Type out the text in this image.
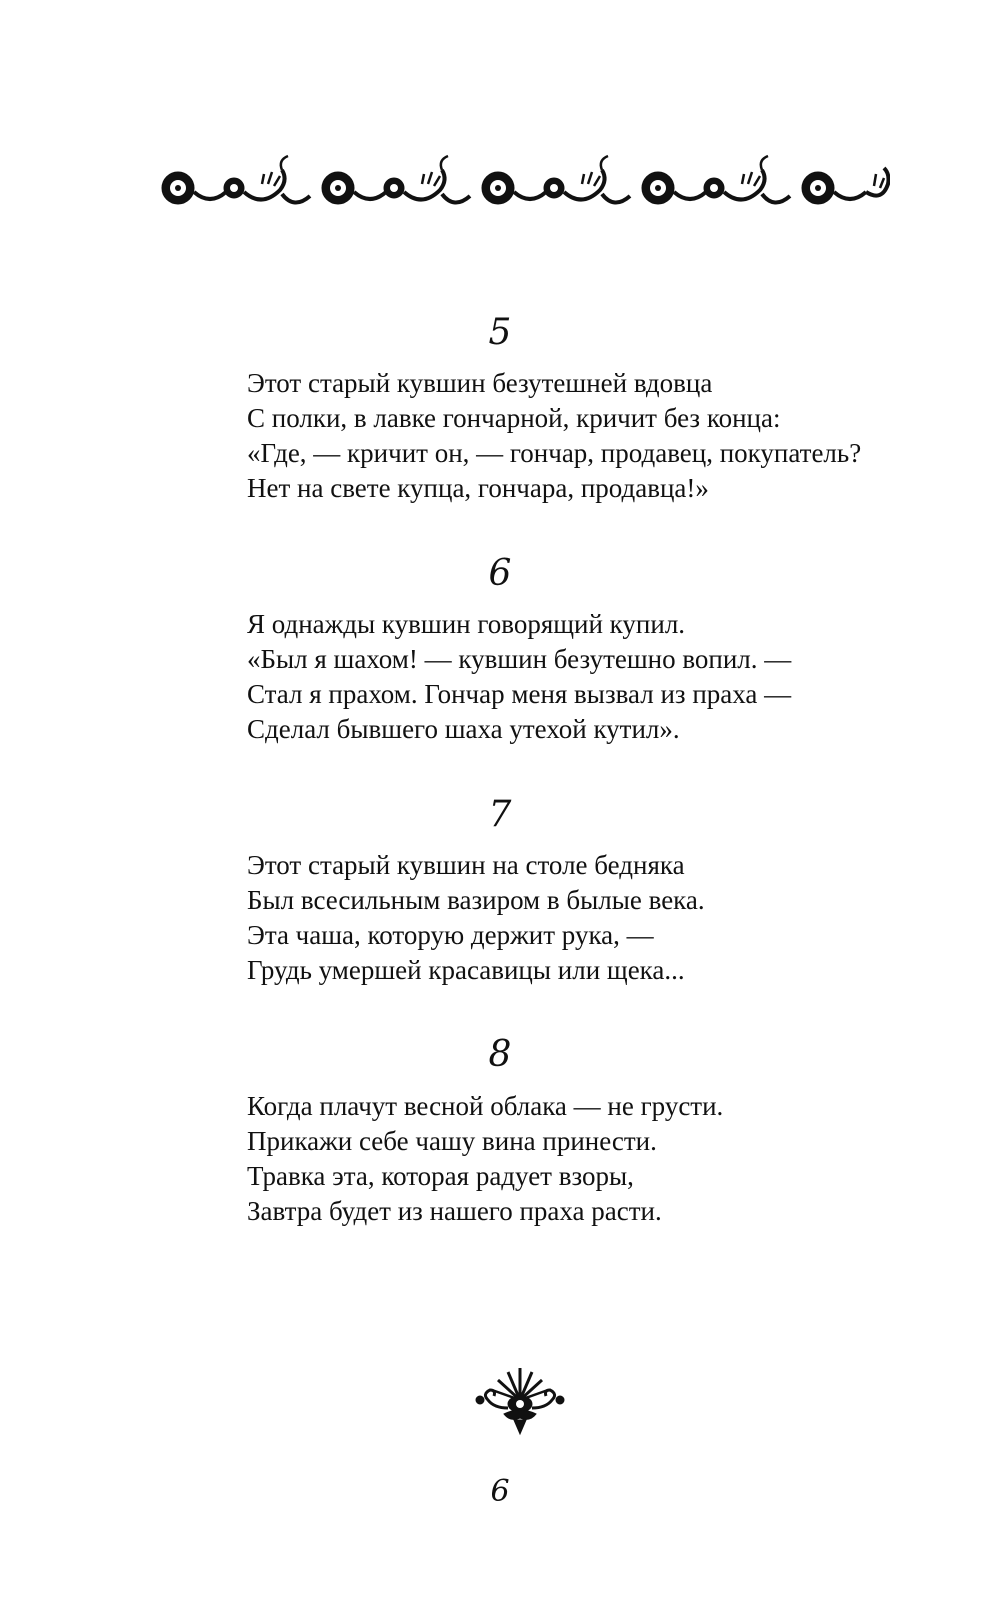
5
Этот старый кувшин безутешней вдовца
С полки, в лавке гончарной, кричит без конца:
«Где, — кричит он, — гончар, продавец, покупатель?
Нет на свете купца, гончара, продавца!»
6
Я однажды кувшин говорящий купил.
«Был я шахом! — кувшин безутешно вопил. —
Стал я прахом. Гончар меня вызвал из праха —
Сделал бывшего шаха утехой кутил».
7
Этот старый кувшин на столе бедняка
Был всесильным вазиром в былые века.
Эта чаша, которую держит рука, —
Грудь умершей красавицы или щека...
8
Когда плачут весной облака — не грусти.
Прикажи себе чашу вина принести.
Травка эта, которая радует взоры,
Завтра будет из нашего праха расти.
6
